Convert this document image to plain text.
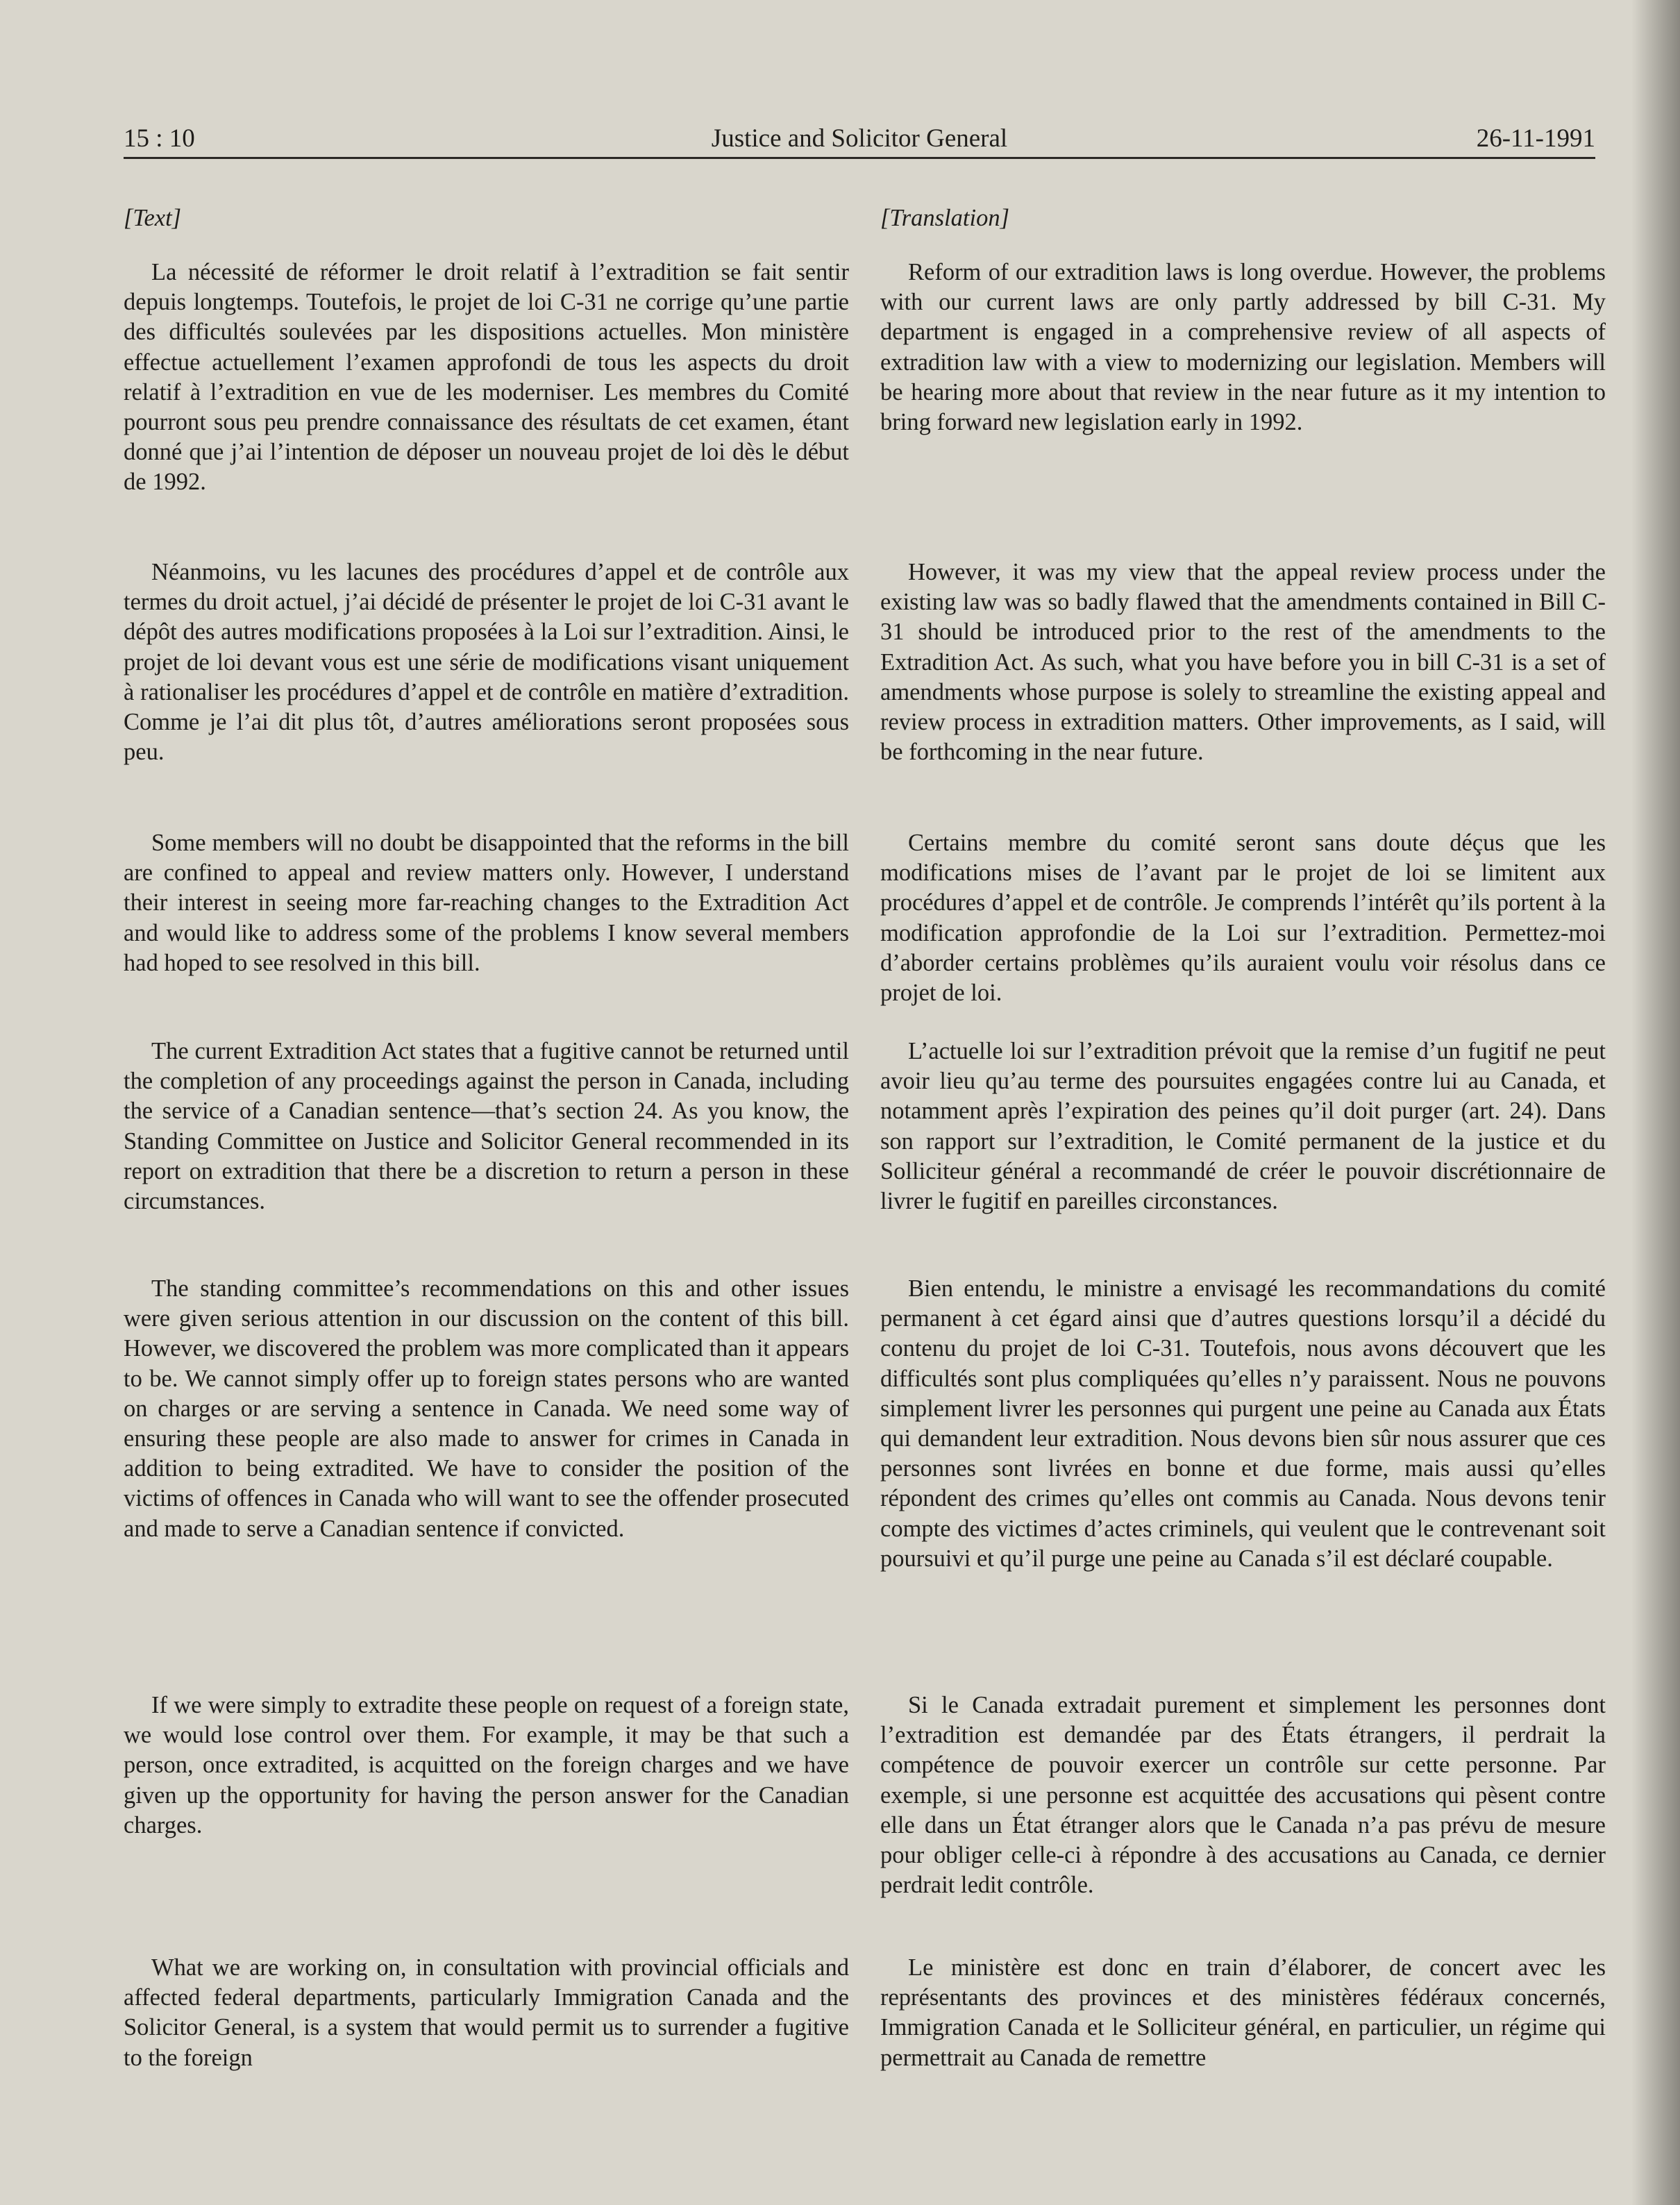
15 : 10	Justice and Solicitor General	26-11-1991
[Text]

La nécessité de réformer le droit relatif à l’extradition se fait sentir depuis longtemps. Toutefois, le projet de loi C-31 ne corrige qu’une partie des difficultés soulevées par les dispositions actuelles. Mon ministère effectue actuellement l’examen approfondi de tous les aspects du droit relatif à l’extradition en vue de les moderniser. Les membres du Comité pourront sous peu prendre connaissance des résultats de cet examen, étant donné que j’ai l’intention de déposer un nouveau projet de loi dès le début de 1992.

Néanmoins, vu les lacunes des procédures d’appel et de contrôle aux termes du droit actuel, j’ai décidé de présenter le projet de loi C-31 avant le dépôt des autres modifications proposées à la Loi sur l’extradition. Ainsi, le projet de loi devant vous est une série de modifications visant uniquement à rationaliser les procédures d’appel et de contrôle en matière d’extradition. Comme je l’ai dit plus tôt, d’autres améliorations seront proposées sous peu.

Some members will no doubt be disappointed that the reforms in the bill are confined to appeal and review matters only. However, I understand their interest in seeing more far-reaching changes to the Extradition Act and would like to address some of the problems I know several members had hoped to see resolved in this bill.

The current Extradition Act states that a fugitive cannot be returned until the completion of any proceedings against the person in Canada, including the service of a Canadian sentence—that’s section 24. As you know, the Standing Committee on Justice and Solicitor General recommended in its report on extradition that there be a discretion to return a person in these circumstances.

The standing committee’s recommendations on this and other issues were given serious attention in our discussion on the content of this bill. However, we discovered the problem was more complicated than it appears to be. We cannot simply offer up to foreign states persons who are wanted on charges or are serving a sentence in Canada. We need some way of ensuring these people are also made to answer for crimes in Canada in addition to being extradited. We have to consider the position of the victims of offences in Canada who will want to see the offender prosecuted and made to serve a Canadian sentence if convicted.

If we were simply to extradite these people on request of a foreign state, we would lose control over them. For example, it may be that such a person, once extradited, is acquitted on the foreign charges and we have given up the opportunity for having the person answer for the Canadian charges.

What we are working on, in consultation with provincial officials and affected federal departments, particularly Immigration Canada and the Solicitor General, is a system that would permit us to surrender a fugitive to the foreign

[Translation]

Reform of our extradition laws is long overdue. However, the problems with our current laws are only partly addressed by bill C-31. My department is engaged in a comprehensive review of all aspects of extradition law with a view to modernizing our legislation. Members will be hearing more about that review in the near future as it my intention to bring forward new legislation early in 1992.

However, it was my view that the appeal review process under the existing law was so badly flawed that the amendments contained in Bill C-31 should be introduced prior to the rest of the amendments to the Extradition Act. As such, what you have before you in bill C-31 is a set of amendments whose purpose is solely to streamline the existing appeal and review process in extradition matters. Other improvements, as I said, will be forthcoming in the near future.

Certains membre du comité seront sans doute déçus que les modifications mises de l’avant par le projet de loi se limitent aux procédures d’appel et de contrôle. Je comprends l’intérêt qu’ils portent à la modification approfondie de la Loi sur l’extradition. Permettez-moi d’aborder certains problèmes qu’ils auraient voulu voir résolus dans ce projet de loi.

L’actuelle loi sur l’extradition prévoit que la remise d’un fugitif ne peut avoir lieu qu’au terme des poursuites engagées contre lui au Canada, et notamment après l’expiration des peines qu’il doit purger (art. 24). Dans son rapport sur l’extradition, le Comité permanent de la justice et du Solliciteur général a recommandé de créer le pouvoir discrétionnaire de livrer le fugitif en pareilles circonstances.

Bien entendu, le ministre a envisagé les recommandations du comité permanent à cet égard ainsi que d’autres questions lorsqu’il a décidé du contenu du projet de loi C-31. Toutefois, nous avons découvert que les difficultés sont plus compliquées qu’elles n’y paraissent. Nous ne pouvons simplement livrer les personnes qui purgent une peine au Canada aux États qui demandent leur extradition. Nous devons bien sûr nous assurer que ces personnes sont livrées en bonne et due forme, mais aussi qu’elles répondent des crimes qu’elles ont commis au Canada. Nous devons tenir compte des victimes d’actes criminels, qui veulent que le contrevenant soit poursuivi et qu’il purge une peine au Canada s’il est déclaré coupable.

Si le Canada extradait purement et simplement les personnes dont l’extradition est demandée par des États étrangers, il perdrait la compétence de pouvoir exercer un contrôle sur cette personne. Par exemple, si une personne est acquittée des accusations qui pèsent contre elle dans un État étranger alors que le Canada n’a pas prévu de mesure pour obliger celle-ci à répondre à des accusations au Canada, ce dernier perdrait ledit contrôle.

Le ministère est donc en train d’élaborer, de concert avec les représentants des provinces et des ministères fédéraux concernés, Immigration Canada et le Solliciteur général, en particulier, un régime qui permettrait au Canada de remettre
